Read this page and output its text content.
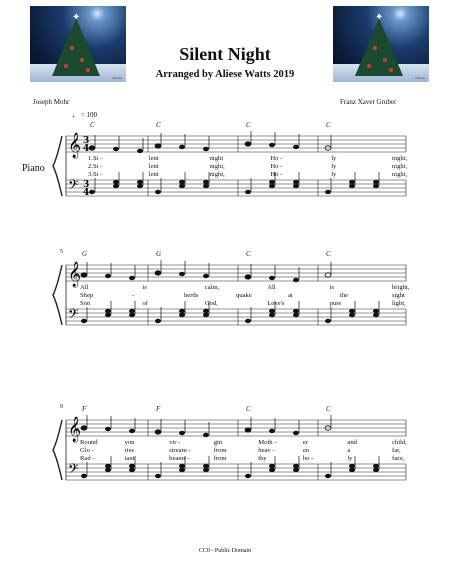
✦
eztrees
✦
eztrees
Silent Night
Arranged by Aliese Watts 2019
Joseph Mohr	Franz Xaver Gruber
♩ = 100
Piano
𝄞
𝄢
3
3
4
4
𝄞
𝄢
𝄞
𝄢
C	C	C	C
1.Si -	lent	night	Ho -	ly	night,
2.Si -	lent	night,	Ho -	ly	night,
3.Si -	lent	night,	Ho -	ly	night,
G	G	C	C
5
All	is	calm,	All	is	bright,
Shep	-	herds	quake	at	the	sight
Son	of	God,	Love's	pure	light,
F	F	C	C
9
Round	yon	vir -	gin	Moth -	er	and	child,
Glo -	ries	stream -	from	heav -	en	a	far,
Rad -	iant	beams -	from	thy	ho -	ly	face,
CC0 - Public Domain
